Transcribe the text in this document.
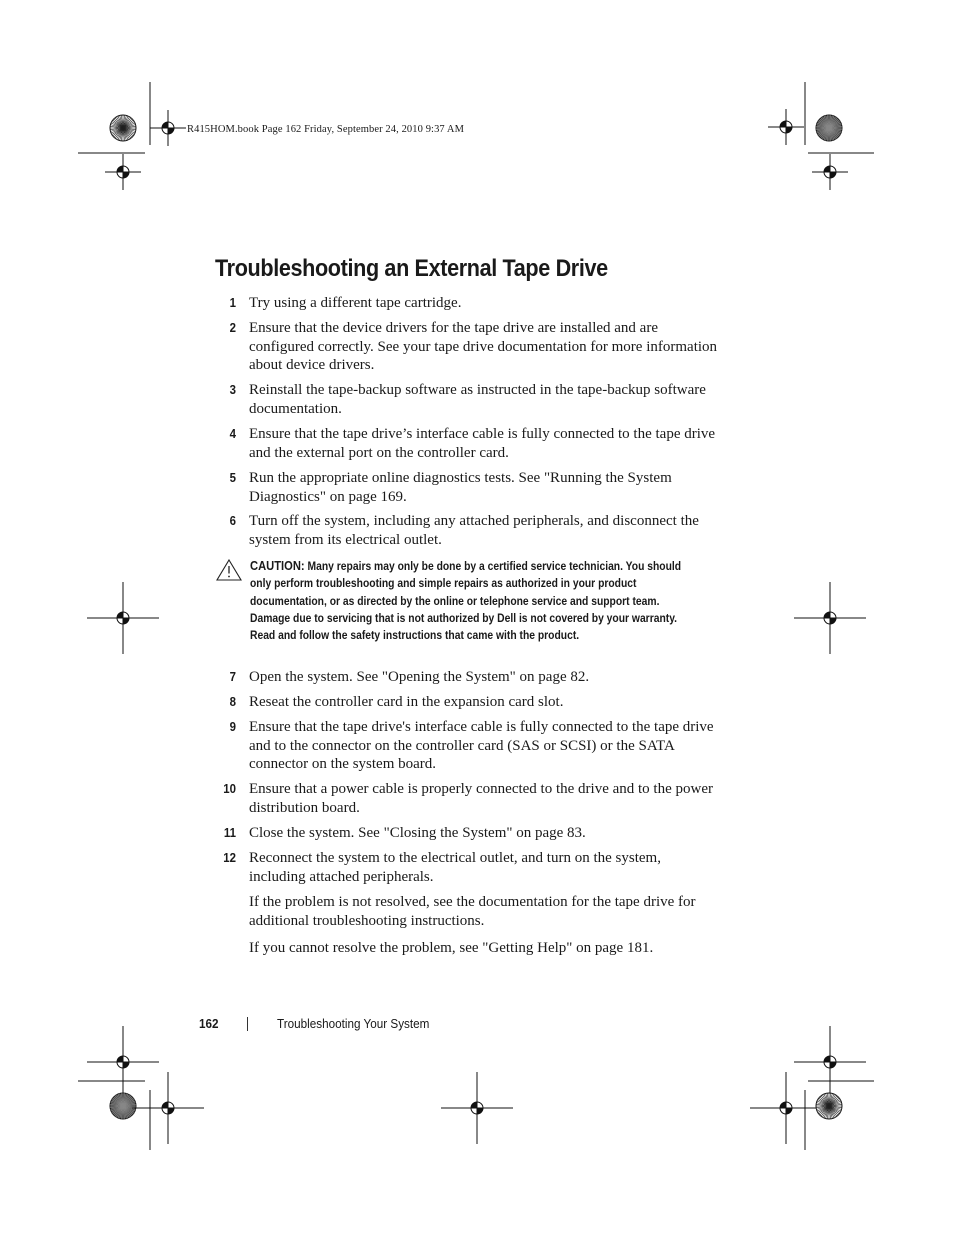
R415HOM.book Page 162 Friday, September 24, 2010 9:37 AM
Troubleshooting an External Tape Drive
1 Try using a different tape cartridge.
2 Ensure that the device drivers for the tape drive are installed and are configured correctly. See your tape drive documentation for more information about device drivers.
3 Reinstall the tape-backup software as instructed in the tape-backup software documentation.
4 Ensure that the tape drive’s interface cable is fully connected to the tape drive and the external port on the controller card.
5 Run the appropriate online diagnostics tests. See "Running the System Diagnostics" on page 169.
6 Turn off the system, including any attached peripherals, and disconnect the system from its electrical outlet.
CAUTION: Many repairs may only be done by a certified service technician. You should only perform troubleshooting and simple repairs as authorized in your product documentation, or as directed by the online or telephone service and support team. Damage due to servicing that is not authorized by Dell is not covered by your warranty. Read and follow the safety instructions that came with the product.
7 Open the system. See "Opening the System" on page 82.
8 Reseat the controller card in the expansion card slot.
9 Ensure that the tape drive's interface cable is fully connected to the tape drive and to the connector on the controller card (SAS or SCSI) or the SATA connector on the system board.
10 Ensure that a power cable is properly connected to the drive and to the power distribution board.
11 Close the system. See "Closing the System" on page 83.
12 Reconnect the system to the electrical outlet, and turn on the system, including attached peripherals.

If the problem is not resolved, see the documentation for the tape drive for additional troubleshooting instructions.

If you cannot resolve the problem, see "Getting Help" on page 181.

162	Troubleshooting Your System
